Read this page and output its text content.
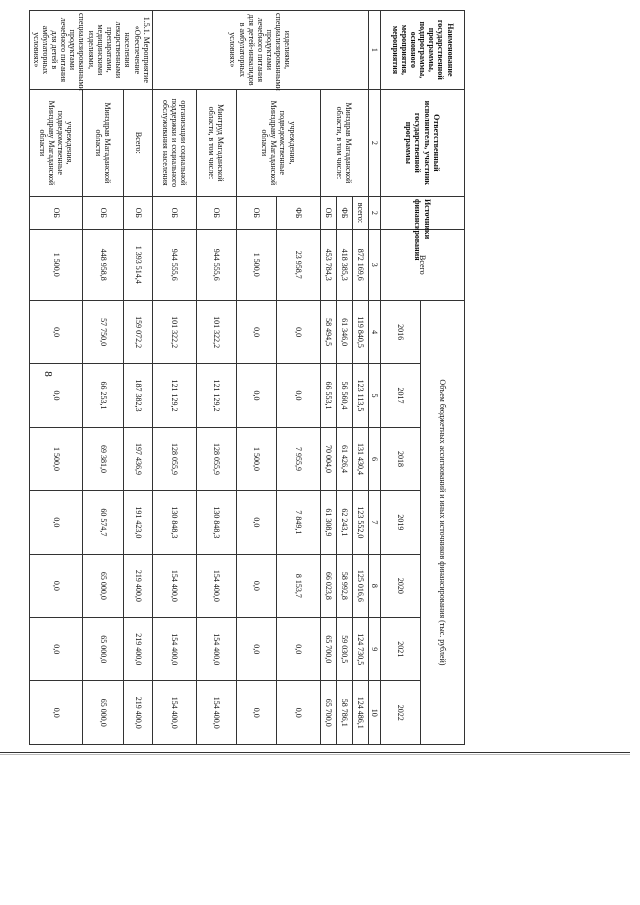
8
Наименование государственной программы, подпрограммы, основного мероприятия, мероприятия	Ответственный исполнитель, участник государственной программы	Источники финансирования	Всего	Объем бюджетных ассигнований и иных источников финансирования (тыс. рублей)						
				2016	2017	2018	2019	2020	2021	2022
1	2	2	3	4	5	6	7	8	9	10
изделиями, специализированными продуктами лечебного питания для детей-инвалидов в амбулаторных условиях»	Минздрав Магаданской области, в том числе:	всего:	872 169,6	119 840,5	123 113,5	131 430,4	123 552,0	125 016,6	124 730,5	124 486,1
		ФБ	418 385,3	61 346,0	56 560,4	61 426,4	62 243,1	58 992,8	59 030,5	58 786,1
		ОБ	453 784,3	58 494,5	66 553,1	70 004,0	61 308,9	66 023,8	65 700,0	65 700,0
	учреждения, подведомственные Минздраву Магаданской области	ФБ	23 958,7	0,0	0,0	7 955,9	7 849,1	8 153,7	0,0	0,0
		ОБ	1 500,0	0,0	0,0	1 500,0	0,0	0,0	0,0	0,0
	Минтруд Магаданской области, в том числе:	ОБ	944 555,6	101 322,2	121 129,2	128 055,9	130 848,3	154 400,0	154 400,0	154 400,0
	организации социальной поддержки и социального обслуживания населения	ОБ	944 555,6	101 322,2	121 129,2	128 055,9	130 848,3	154 400,0	154 400,0	154 400,0
1.5.1. Мероприятие «Обеспечение населения лекарственными препаратами, медицинскими изделиями, специализированными продуктами лечебного питания для детей в амбулаторных условиях»	Всего:	ОБ	1 393 514,4	159 072,2	187 382,3	197 436,9	191 423,0	219 400,0	219 400,0	219 400,0
	Минздрав Магаданской области	ОБ	448 958,8	57 750,0	66 253,1	69 381,0	60 574,7	65 000,0	65 000,0	65 000,0
	учреждения, подведомственные Минздраву Магаданской области	ОБ	1 500,0	0,0	0,0	1 500,0	0,0	0,0	0,0	0,0
